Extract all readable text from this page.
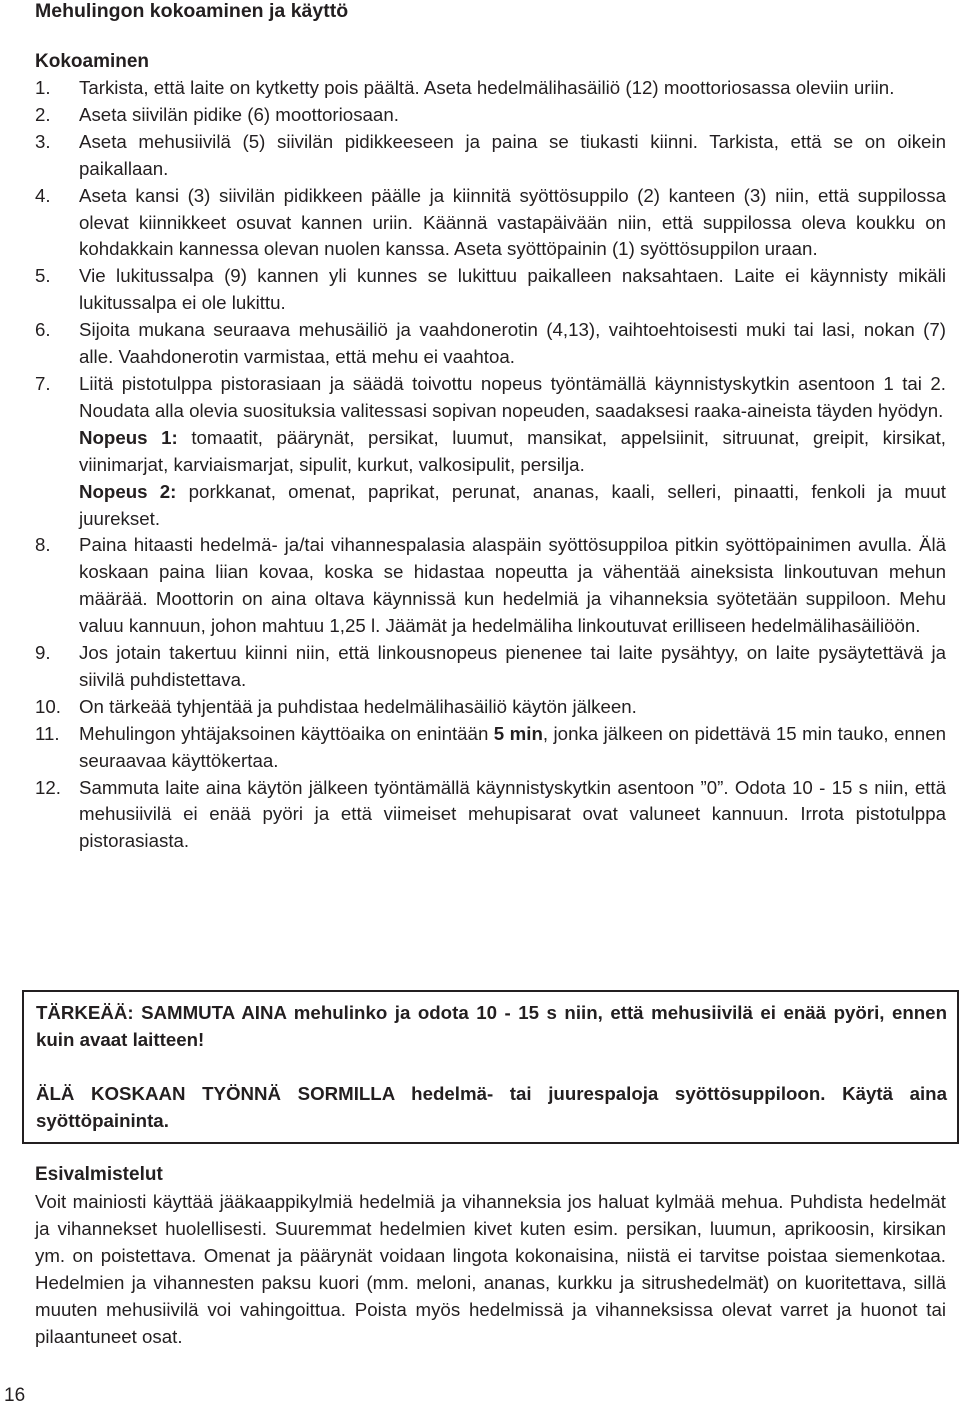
Mehulingon kokoaminen ja käyttö
Kokoaminen
1. Tarkista, että laite on kytketty pois päältä. Aseta hedelmälihasäiliö (12) moottoriosassa oleviin uriin.
2. Aseta siivilän pidike (6) moottoriosaan.
3. Aseta mehusiivilä (5) siivilän pidikkeeseen ja paina se tiukasti kiinni. Tarkista, että se on oikein paikallaan.
4. Aseta kansi (3) siivilän pidikkeen päälle ja kiinnitä syöttösuppilo (2) kanteen (3) niin, että suppilossa olevat kiinnikkeet osuvat kannen uriin. Käännä vastapäivään niin, että suppilossa oleva koukku on kohdakkain kannessa olevan nuolen kanssa. Aseta syöttöpainin (1) syöttösuppilon uraan.
5. Vie lukitussalpa (9) kannen yli kunnes se lukittuu paikalleen naksahtaen. Laite ei käynnisty mikäli lukitussalpa ei ole lukittu.
6. Sijoita mukana seuraava mehusäiliö ja vaahdonerotin (4,13), vaihtoehtoisesti muki tai lasi, nokan (7) alle. Vaahdonerotin varmistaa, että mehu ei vaahtoa.
7. Liitä pistotulppa pistorasiaan ja säädä toivottu nopeus työntämällä käynnistyskytkin asentoon 1 tai 2. Noudata alla olevia suosituksia valitessasi sopivan nopeuden, saadaksesi raaka-aineista täyden hyödyn.
Nopeus 1: tomaatit, päärynät, persikat, luumut, mansikat, appelsiinit, sitruunat, greipit, kirsikat, viinimarjat, karviaismarjat, sipulit, kurkut, valkosipulit, persilja.
Nopeus 2: porkkanat, omenat, paprikat, perunat, ananas, kaali, selleri, pinaatti, fenkoli ja muut juurekset.
8. Paina hitaasti hedelmä- ja/tai vihannespalasia alaspäin syöttösuppiloa pitkin syöttöpainimen avulla. Älä koskaan paina liian kovaa, koska se hidastaa nopeutta ja vähentää aineksista linkoutuvan mehun määrää. Moottorin on aina oltava käynnissä kun hedelmiä ja vihanneksia syötetään suppiloon. Mehu valuu kannuun, johon mahtuu 1,25 l. Jäämät ja hedelmäliha linkoutuvat erilliseen hedelmälihasäiliöön.
9. Jos jotain takertuu kiinni niin, että linkousnopeus pienenee tai laite pysähtyy, on laite pysäytettävä ja siivilä puhdistettava.
10. On tärkeää tyhjentää ja puhdistaa hedelmälihasäiliö käytön jälkeen.
11. Mehulingon yhtäjaksoinen käyttöaika on enintään 5 min, jonka jälkeen on pidettävä 15 min tauko, ennen seuraavaa käyttökertaa.
12. Sammuta laite aina käytön jälkeen työntämällä käynnistyskytkin asentoon ”0”. Odota 10 - 15 s niin, että mehusiivilä ei enää pyöri ja että viimeiset mehupisarat ovat valuneet kannuun. Irrota pistotulppa pistorasiasta.
Esivalmistelut
Voit mainiosti käyttää jääkaappikylmiä hedelmiä ja vihanneksia jos haluat kylmää mehua. Puhdista hedelmät ja vihannekset huolellisesti. Suuremmat hedelmien kivet kuten esim. persikan, luumun, aprikoosin, kirsikan ym. on poistettava. Omenat ja päärynät voidaan lingota kokonaisina, niistä ei tarvitse poistaa siemenkotaa. Hedelmien ja vihannesten paksu kuori (mm. meloni, ananas, kurkku ja sitrushedelmät) on kuoritettava, sillä muuten mehusiivilä voi vahingoittua. Poista myös hedelmissä ja vihanneksissa olevat varret ja huonot tai pilaantuneet osat.
TÄRKEÄÄ: SAMMUTA AINA mehulinko ja odota 10 - 15 s niin, että mehusiivilä ei enää pyöri, ennen kuin avaat laitteen!
ÄLÄ KOSKAAN TYÖNNÄ SORMILLA hedelmä- tai juurespaloja syöttösuppiloon. Käytä aina syöttöpaininta.
16
